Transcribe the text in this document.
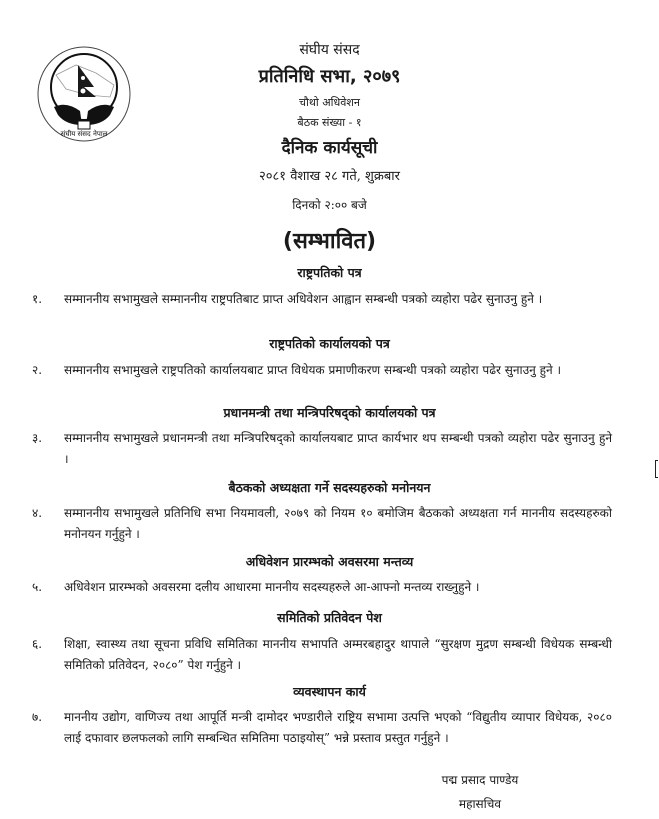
संघीय संसद नेपाल
संघीय संसद
प्रतिनिधि सभा, २०७९
चौथो अधिवेशन
बैठक संख्या - १
दैनिक कार्यसूची
२०८१ वैशाख २८ गते, शुक्रबार
दिनको २:०० बजे
(सम्भावित)
राष्ट्रपतिको पत्र
१.	सम्माननीय सभामुखले सम्माननीय राष्ट्रपतिबाट प्राप्त अधिवेशन आह्वान सम्बन्धी पत्रको व्यहोरा पढेर सुनाउनु हुने ।
राष्ट्रपतिको कार्यालयको पत्र
२.	सम्माननीय सभामुखले राष्ट्रपतिको कार्यालयबाट प्राप्त विधेयक प्रमाणीकरण सम्बन्धी पत्रको व्यहोरा पढेर सुनाउनु हुने ।
प्रधानमन्त्री तथा मन्त्रिपरिषद्को कार्यालयको पत्र
३.	सम्माननीय सभामुखले प्रधानमन्त्री तथा मन्त्रिपरिषद्को कार्यालयबाट प्राप्त कार्यभार थप सम्बन्धी पत्रको व्यहोरा पढेर सुनाउनु हुने ।
बैठकको अध्यक्षता गर्ने सदस्यहरुको मनोनयन
४.	सम्माननीय सभामुखले प्रतिनिधि सभा नियमावली, २०७९ को नियम १० बमोजिम बैठकको अध्यक्षता गर्न माननीय सदस्यहरुको मनोनयन गर्नुहुने ।
अधिवेशन प्रारम्भको अवसरमा मन्तव्य
५.	अधिवेशन प्रारम्भको अवसरमा दलीय आधारमा माननीय सदस्यहरुले आ-आफ्नो मन्तव्य राख्नुहुने ।
समितिको प्रतिवेदन पेश
६.	शिक्षा, स्वास्थ्य तथा सूचना प्रविधि समितिका माननीय सभापति अम्मरबहादुर थापाले “सुरक्षण मुद्रण सम्बन्धी विधेयक सम्बन्धी समितिको प्रतिवेदन, २०८०” पेश गर्नुहुने ।
व्यवस्थापन कार्य
७.	माननीय उद्योग, वाणिज्य तथा आपूर्ति मन्त्री दामोदर भण्डारीले राष्ट्रिय सभामा उत्पत्ति भएको “विद्युतीय व्यापार विधेयक, २०८० लाई दफावार छलफलको लागि सम्बन्धित समितिमा पठाइयोस्” भन्ने प्रस्ताव प्रस्तुत गर्नुहुने ।
पद्म प्रसाद पाण्डेय
महासचिव
